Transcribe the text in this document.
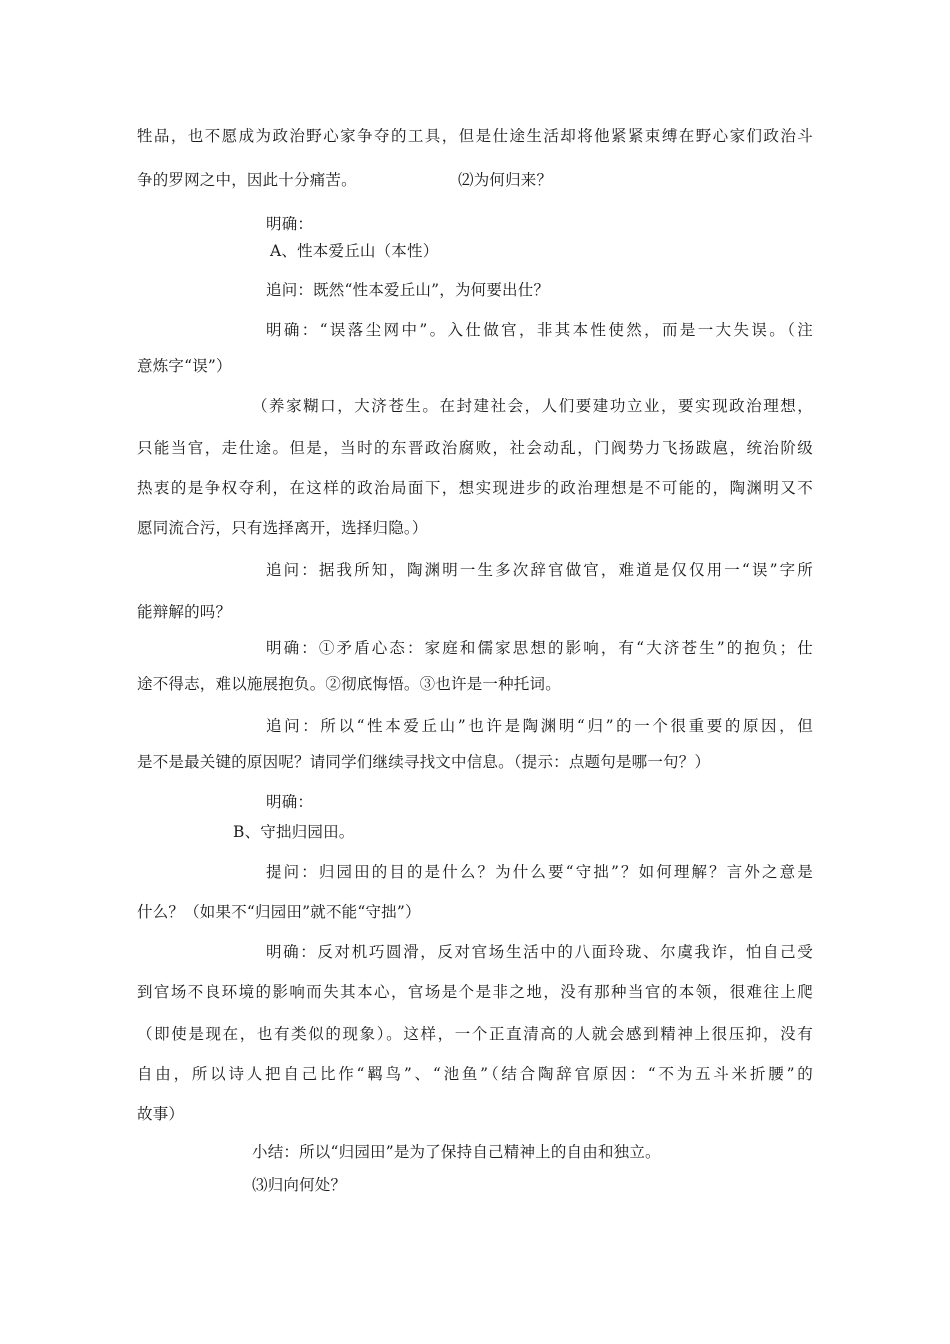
牲品，也不愿成为政治野心家争夺的工具，但是仕途生活却将他紧紧束缚在野心家们政治斗
争的罗网之中，因此十分痛苦。	⑵为何归来？
明确：
A、性本爱丘山（本性）
追问：既然“性本爱丘山”，为何要出仕？
明确：“误落尘网中”。入仕做官，非其本性使然，而是一大失误。（注
意炼字“误”）
（养家糊口，大济苍生。在封建社会，人们要建功立业，要实现政治理想，
只能当官，走仕途。但是，当时的东晋政治腐败，社会动乱，门阀势力飞扬跋扈，统治阶级
热衷的是争权夺利，在这样的政治局面下，想实现进步的政治理想是不可能的，陶渊明又不
愿同流合污，只有选择离开，选择归隐。）
追问：据我所知，陶渊明一生多次辞官做官，难道是仅仅用一“误”字所
能辩解的吗？
明确：①矛盾心态：家庭和儒家思想的影响，有“大济苍生”的抱负；仕
途不得志，难以施展抱负。②彻底悔悟。③也许是一种托词。
追问：所以“性本爱丘山”也许是陶渊明“归”的一个很重要的原因，但
是不是最关键的原因呢？请同学们继续寻找文中信息。（提示：点题句是哪一句？）
明确：
B、守拙归园田。
提问：归园田的目的是什么？为什么要“守拙”？如何理解？言外之意是
什么？（如果不“归园田”就不能“守拙”）
明确：反对机巧圆滑，反对官场生活中的八面玲珑、尔虞我诈，怕自己受
到官场不良环境的影响而失其本心，官场是个是非之地，没有那种当官的本领，很难往上爬
（即使是现在，也有类似的现象）。这样，一个正直清高的人就会感到精神上很压抑，没有
自由，所以诗人把自己比作“羁鸟”、“池鱼”（结合陶辞官原因：“不为五斗米折腰”的
故事）
小结：所以“归园田”是为了保持自己精神上的自由和独立。
⑶归向何处？
